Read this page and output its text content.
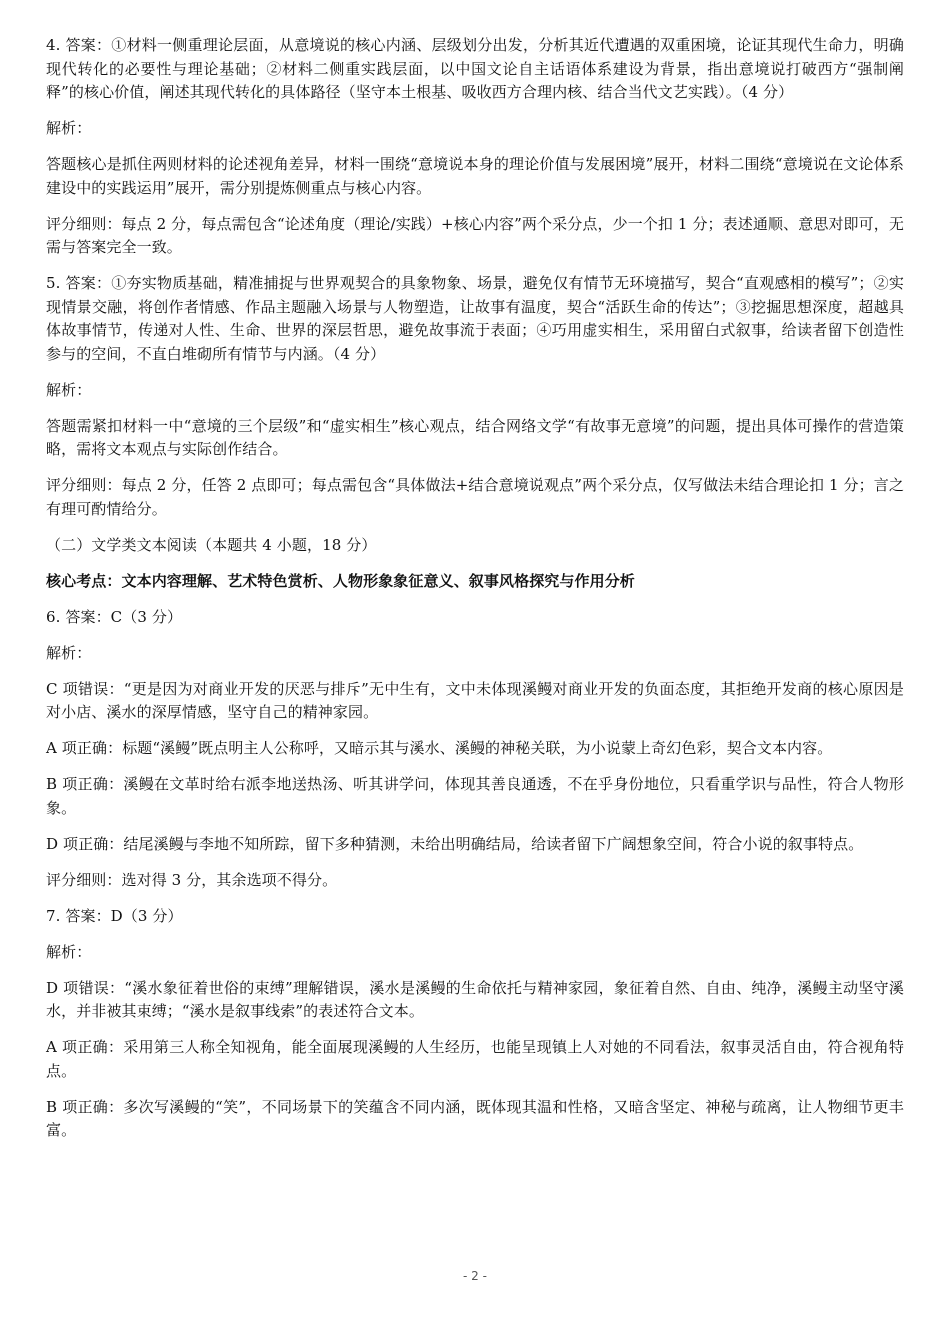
4. 答案：①材料一侧重理论层面，从意境说的核心内涵、层级划分出发，分析其近代遭遇的双重困境，论证其现代生命力，明确现代转化的必要性与理论基础；②材料二侧重实践层面，以中国文论自主话语体系建设为背景，指出意境说打破西方“强制阐释”的核心价值，阐述其现代转化的具体路径（坚守本土根基、吸收西方合理内核、结合当代文艺实践）。（4 分）

解析：

答题核心是抓住两则材料的论述视角差异，材料一围绕“意境说本身的理论价值与发展困境”展开，材料二围绕“意境说在文论体系建设中的实践运用”展开，需分别提炼侧重点与核心内容。

评分细则：每点 2 分，每点需包含“论述角度（理论/实践）+核心内容”两个采分点，少一个扣 1 分；表述通顺、意思对即可，无需与答案完全一致。

5. 答案：①夯实物质基础，精准捕捉与世界观契合的具象物象、场景，避免仅有情节无环境描写，契合“直观感相的模写”；②实现情景交融，将创作者情感、作品主题融入场景与人物塑造，让故事有温度，契合“活跃生命的传达”；③挖掘思想深度，超越具体故事情节，传递对人性、生命、世界的深层哲思，避免故事流于表面；④巧用虚实相生，采用留白式叙事，给读者留下创造性参与的空间，不直白堆砌所有情节与内涵。（4 分）

解析：

答题需紧扣材料一中“意境的三个层级”和“虚实相生”核心观点，结合网络文学“有故事无意境”的问题，提出具体可操作的营造策略，需将文本观点与实际创作结合。

评分细则：每点 2 分，任答 2 点即可；每点需包含“具体做法+结合意境说观点”两个采分点，仅写做法未结合理论扣 1 分；言之有理可酌情给分。

（二）文学类文本阅读（本题共 4 小题，18 分）

核心考点：文本内容理解、艺术特色赏析、人物形象象征意义、叙事风格探究与作用分析

6. 答案：C（3 分）

解析：

C 项错误：“更是因为对商业开发的厌恶与排斥”无中生有，文中未体现溪鳗对商业开发的负面态度，其拒绝开发商的核心原因是对小店、溪水的深厚情感，坚守自己的精神家园。

A 项正确：标题“溪鳗”既点明主人公称呼，又暗示其与溪水、溪鳗的神秘关联，为小说蒙上奇幻色彩，契合文本内容。

B 项正确：溪鳗在文革时给右派李地送热汤、听其讲学问，体现其善良通透，不在乎身份地位，只看重学识与品性，符合人物形象。

D 项正确：结尾溪鳗与李地不知所踪，留下多种猜测，未给出明确结局，给读者留下广阔想象空间，符合小说的叙事特点。

评分细则：选对得 3 分，其余选项不得分。

7. 答案：D（3 分）

解析：

D 项错误：“溪水象征着世俗的束缚”理解错误，溪水是溪鳗的生命依托与精神家园，象征着自然、自由、纯净，溪鳗主动坚守溪水，并非被其束缚；“溪水是叙事线索”的表述符合文本。

A 项正确：采用第三人称全知视角，能全面展现溪鳗的人生经历，也能呈现镇上人对她的不同看法，叙事灵活自由，符合视角特点。

B 项正确：多次写溪鳗的“笑”，不同场景下的笑蕴含不同内涵，既体现其温和性格，又暗含坚定、神秘与疏离，让人物细节更丰富。

- 2 -
